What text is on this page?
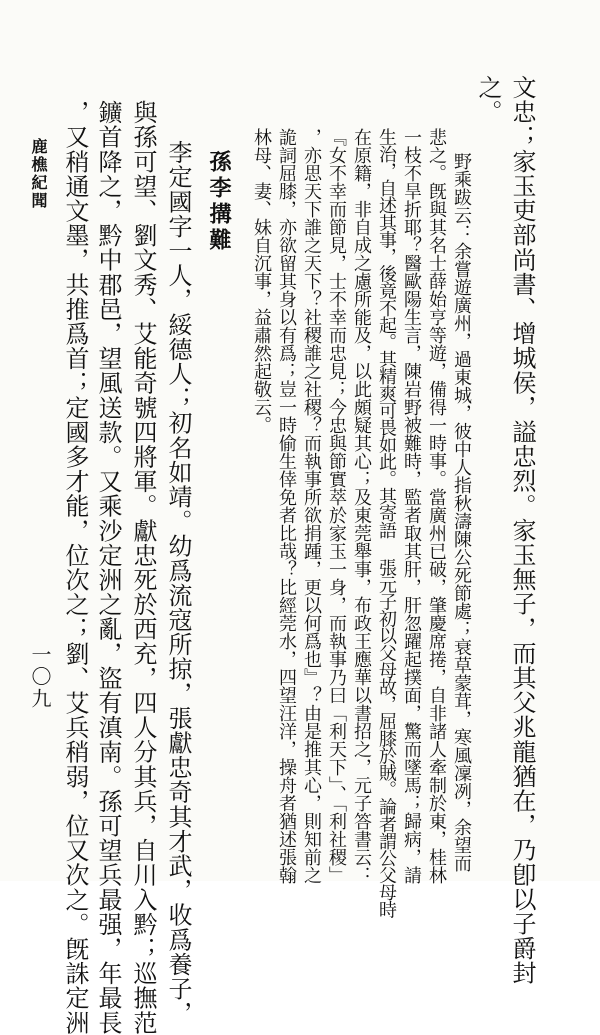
文忠；家玉吏部尚書、增城侯，謚忠烈。家玉無子，而其父兆龍猶在，乃卽以子爵封
之。
野乘跋云：余嘗遊廣州，過東城，彼中人指秋濤陳公死節處；衰草蒙茸，寒風凜冽，余望而
悲之。旣與其名士薛始亨等遊，備得一時事。當廣州已破，肇慶席捲，自非諸人牽制於東，桂林
一枝不旱折耶？醫歐陽生言，陳岩野被難時，監者取其肝，肝忽躍起撲面，驚而墜馬；歸病，請
生治，自述其事，後竟不起。其精爽可畏如此。其寄語 張元子初以父母故，屈膝於賊。論者謂公父母時
在原籍，非自成之慮所能及，以此頗疑其心；及東莞舉事，布政王應華以書招之，元子答書云：
『女不幸而節見，士不幸而忠見；今忠與節實萃於家玉一身，而執事乃曰「利天下」、「利社稷」
，亦思天下誰之天下？社稷誰之社稷？而執事所欲捐踵，更以何爲也』？由是推其心，則知前之
詭詞屈膝，亦欲留其身以有爲；豈一時偷生倖免者比哉？比經莞水，四望汪洋，操舟者猶述張翰
林母、妻、妹自沉事，益肅然起敬云。
孫李搆難
李定國字一人，綏德人；初名如靖。幼爲流寇所掠，張獻忠奇其才武，收爲養子，
與孫可望、劉文秀、艾能奇號四將軍。獻忠死於西充，四人分其兵，自川入黔；巡撫范
鑛首降之，黔中郡邑，望風送款。又乘沙定洲之亂，盜有滇南。孫可望兵最强，年最長
，又稍通文墨，共推爲首；定國多才能，位次之；劉、艾兵稍弱，位又次之。旣誅定洲
鹿樵紀聞
一〇九
